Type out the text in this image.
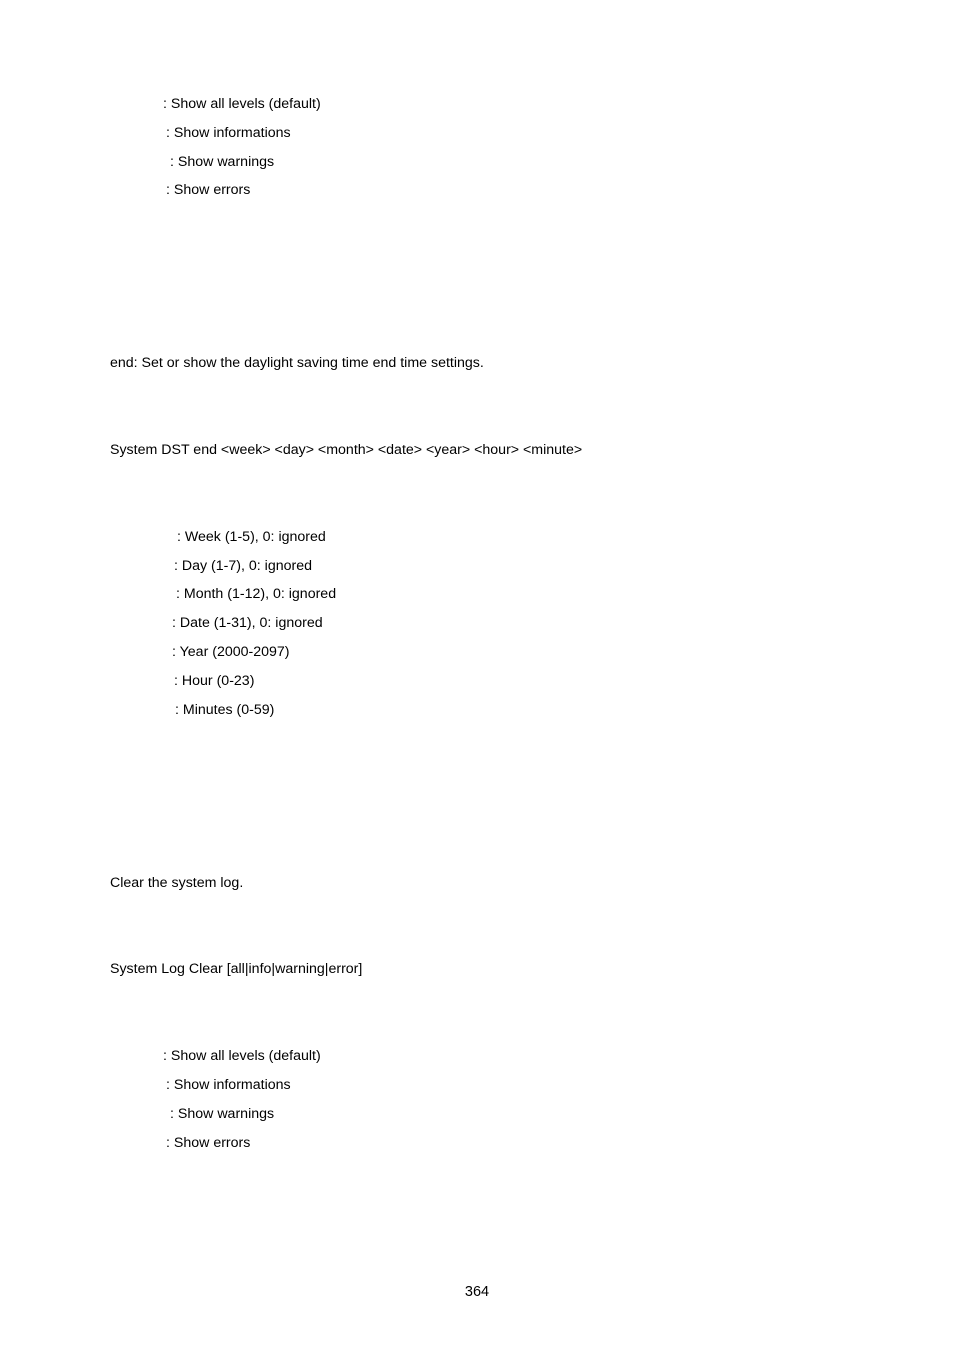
: Show all levels (default)
: Show informations
: Show warnings
: Show errors
end: Set or show the daylight saving time end time settings.
System DST end <week> <day> <month> <date> <year> <hour> <minute>
: Week (1-5), 0: ignored
: Day (1-7), 0: ignored
: Month (1-12), 0: ignored
: Date (1-31), 0: ignored
: Year (2000-2097)
: Hour (0-23)
: Minutes (0-59)
Clear the system log.
System Log Clear [all|info|warning|error]
: Show all levels (default)
: Show informations
: Show warnings
: Show errors
364
